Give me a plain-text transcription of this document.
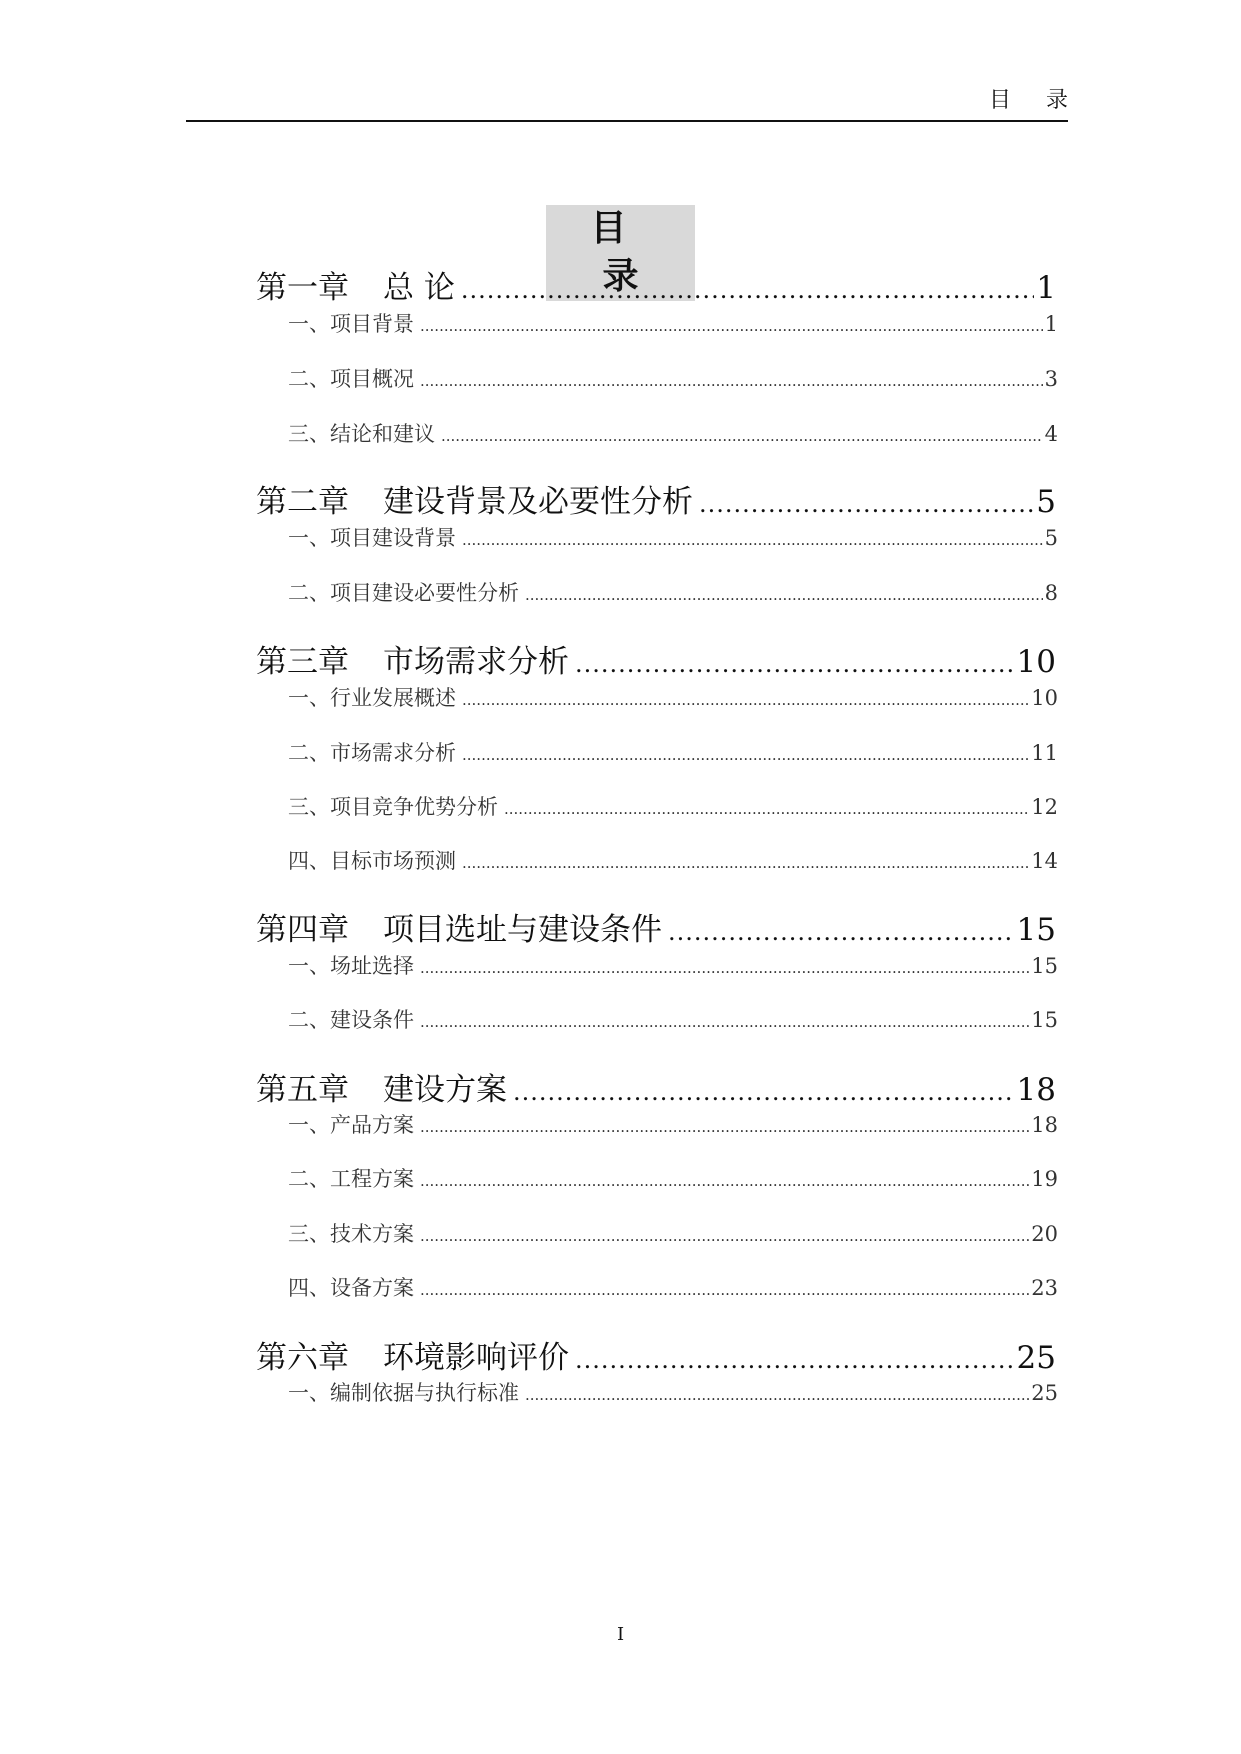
目 录
目 录
第一章 总 论 .....	1
一、项目背景 .....	1
二、项目概况 .....	3
三、结论和建议 .....	4
第二章 建设背景及必要性分析 .....	5
一、项目建设背景 .....	5
二、项目建设必要性分析 .....	8
第三章 市场需求分析 .....	10
一、行业发展概述 .....	10
二、市场需求分析 .....	11
三、项目竞争优势分析 .....	12
四、目标市场预测 .....	14
第四章 项目选址与建设条件 .....	15
一、场址选择 .....	15
二、建设条件 .....	15
第五章 建设方案 .....	18
一、产品方案 .....	18
二、工程方案 .....	19
三、技术方案 .....	20
四、设备方案 .....	23
第六章 环境影响评价 .....	25
一、编制依据与执行标准 .....	25
I
